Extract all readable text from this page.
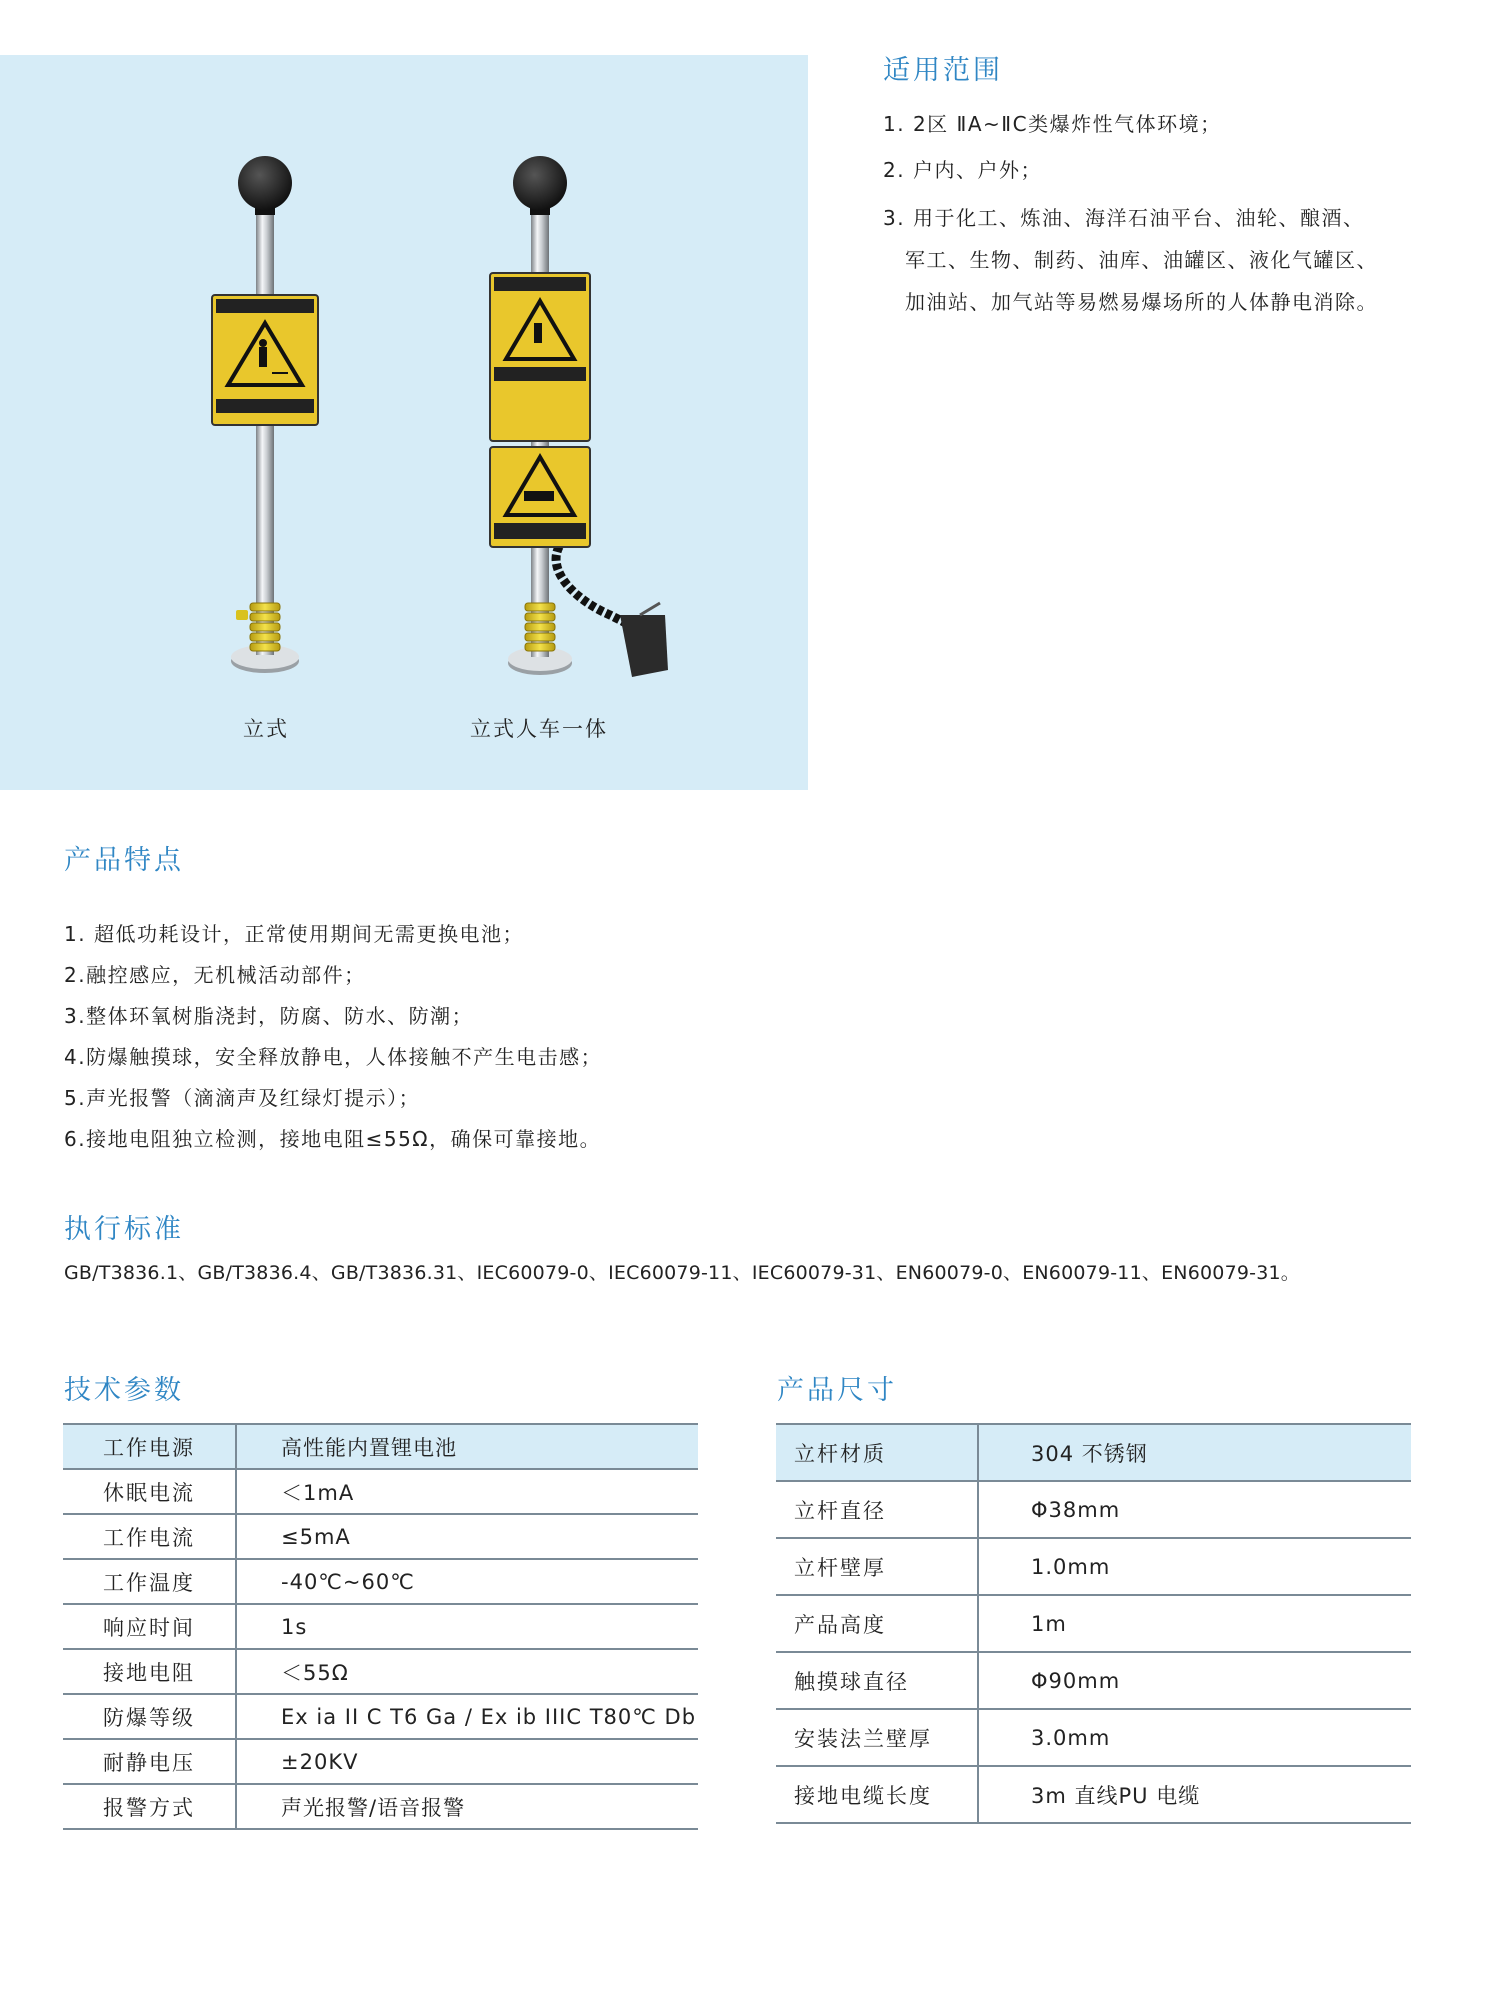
立式	立式人车一体
适用范围
1. 2区 ⅡA~ⅡC类爆炸性气体环境；
2. 户内、户外；
3. 用于化工、炼油、海洋石油平台、油轮、酿酒、
军工、生物、制药、油库、油罐区、液化气罐区、
加油站、加气站等易燃易爆场所的人体静电消除。
产品特点
1. 超低功耗设计，正常使用期间无需更换电池；
2.融控感应，无机械活动部件；
3.整体环氧树脂浇封，防腐、防水、防潮；
4.防爆触摸球，安全释放静电，人体接触不产生电击感；
5.声光报警（滴滴声及红绿灯提示）；
6.接地电阻独立检测，接地电阻≤55Ω，确保可靠接地。
执行标准
GB/T3836.1、GB/T3836.4、GB/T3836.31、IEC60079-0、IEC60079-11、IEC60079-31、EN60079-0、EN60079-11、EN60079-31。
技术参数
工作电源	高性能内置锂电池
休眠电流	＜1mA
工作电流	≤5mA
工作温度	-40℃~60℃
响应时间	1s
接地电阻	＜55Ω
防爆等级	Ex ia II C T6 Ga / Ex ib IIIC T80℃ Db
耐静电压	±20KV
报警方式	声光报警/语音报警
产品尺寸
立杆材质	304 不锈钢
立杆直径	Φ38mm
立杆壁厚	1.0mm
产品高度	1m
触摸球直径	Φ90mm
安装法兰壁厚	3.0mm
接地电缆长度	3m 直线PU 电缆
